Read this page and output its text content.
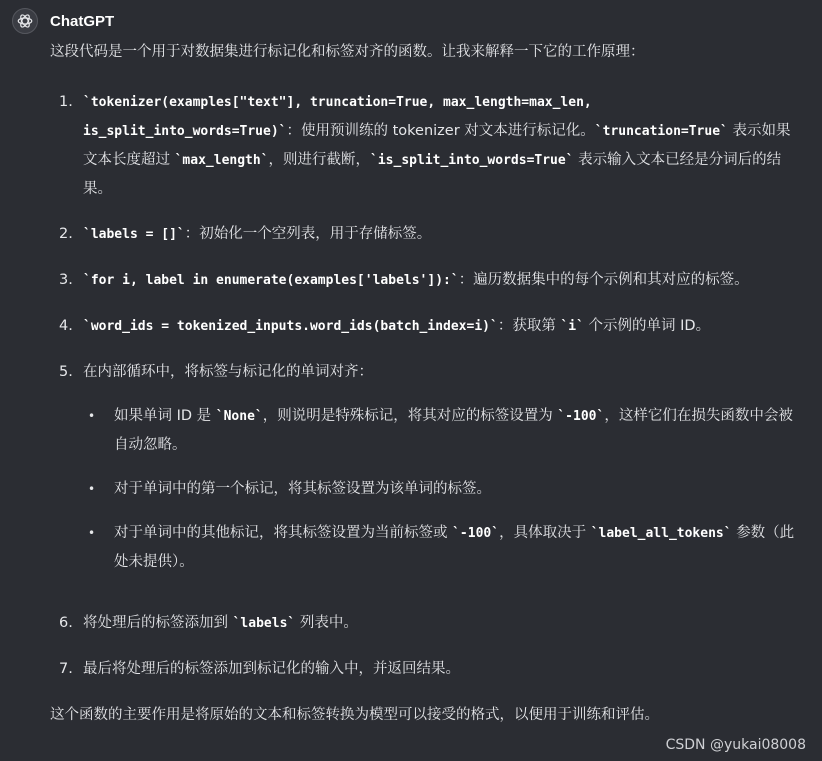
ChatGPT

这段代码是一个用于对数据集进行标记化和标签对齐的函数。让我来解释一下它的工作原理：

1. `tokenizer(examples["text"], truncation=True, max_length=max_len, is_split_into_words=True)`：使用预训练的 tokenizer 对文本进行标记化。`truncation=True` 表示如果文本长度超过 `max_length`，则进行截断，`is_split_into_words=True` 表示输入文本已经是分词后的结果。
2. `labels = []`：初始化一个空列表，用于存储标签。
3. `for i, label in enumerate(examples['labels']):`：遍历数据集中的每个示例和其对应的标签。
4. `word_ids = tokenized_inputs.word_ids(batch_index=i)`：获取第 `i` 个示例的单词 ID。
5. 在内部循环中，将标签与标记化的单词对齐：
•	如果单词 ID 是 `None`，则说明是特殊标记，将其对应的标签设置为 `-100`，这样它们在损失函数中会被自动忽略。
•	对于单词中的第一个标记，将其标签设置为该单词的标签。
•	对于单词中的其他标记，将其标签设置为当前标签或 `-100`，具体取决于 `label_all_tokens` 参数（此处未提供）。
6. 将处理后的标签添加到 `labels` 列表中。
7. 最后将处理后的标签添加到标记化的输入中，并返回结果。

这个函数的主要作用是将原始的文本和标签转换为模型可以接受的格式，以便用于训练和评估。

CSDN @yukai08008
